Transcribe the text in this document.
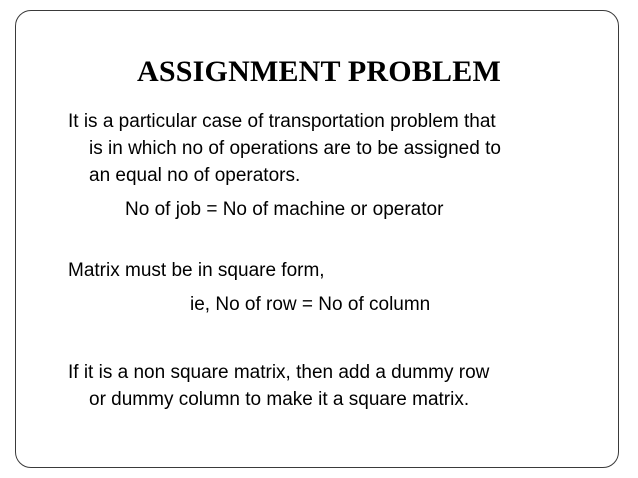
ASSIGNMENT PROBLEM

It is a particular case of transportation problem that

is in which no of operations are to be assigned to

an equal no of operators.

No of job = No of machine or operator

Matrix must be in square form,

ie, No of row = No of column

If it is a non square matrix, then add a dummy row

or dummy column to make it a square matrix.
